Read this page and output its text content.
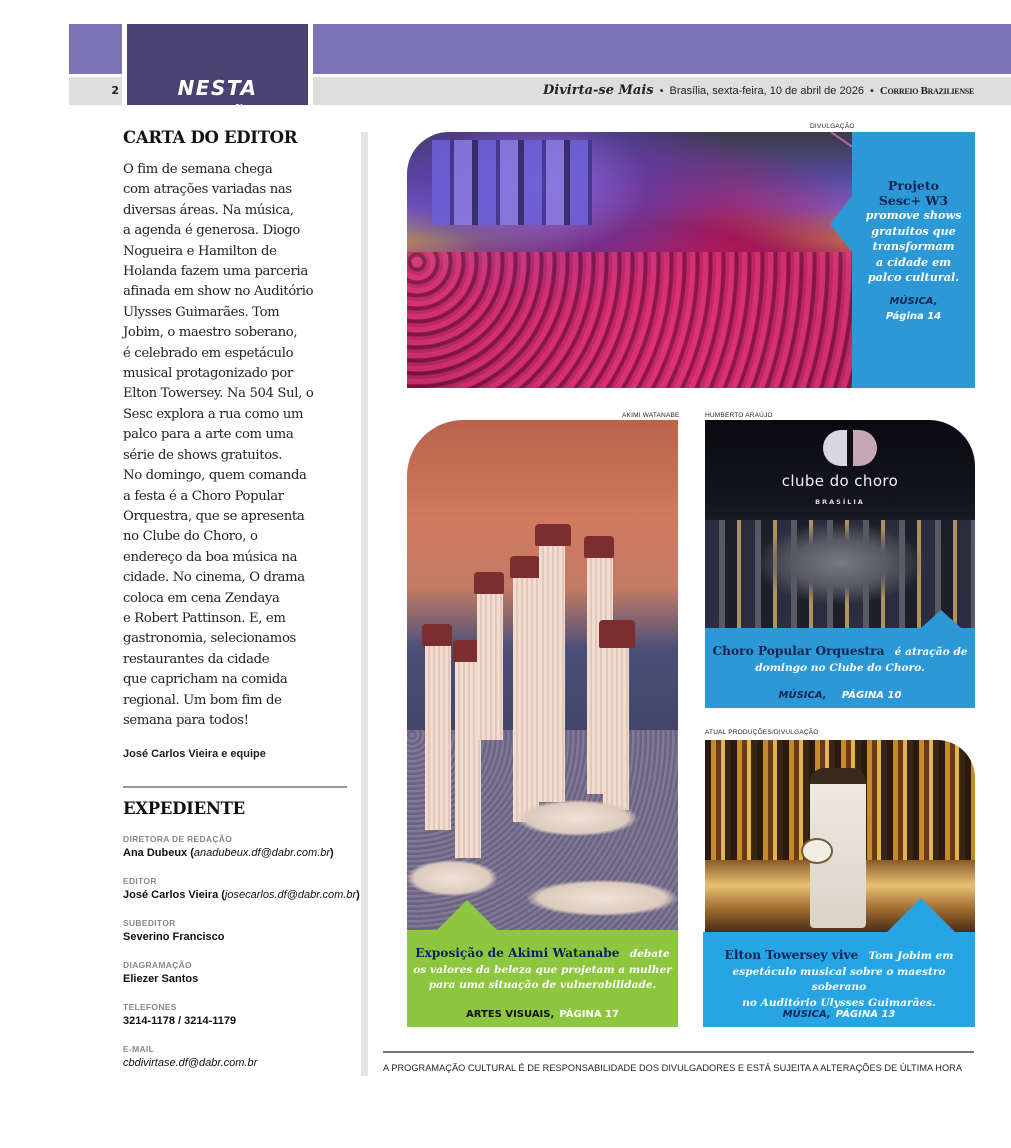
2	NESTA EDIÇÃO
Divirta-se Mais • Brasília, sexta-feira, 10 de abril de 2026 • Correio Braziliense
CARTA DO EDITOR

O fim de semana chega
com atrações variadas nas
diversas áreas. Na música,
a agenda é generosa. Diogo
Nogueira e Hamilton de
Holanda fazem uma parceria
afinada em show no Auditório
Ulysses Guimarães. Tom
Jobim, o maestro soberano,
é celebrado em espetáculo
musical protagonizado por
Elton Towersey. Na 504 Sul, o
Sesc explora a rua como um
palco para a arte com uma
série de shows gratuitos.
No domingo, quem comanda
a festa é a Choro Popular
Orquestra, que se apresenta
no Clube do Choro, o
endereço da boa música na
cidade. No cinema, O drama
coloca em cena Zendaya
e Robert Pattinson. E, em
gastronomia, selecionamos
restaurantes da cidade
que capricham na comida
regional. Um bom fim de
semana para todos!

José Carlos Vieira e equipe
EXPEDIENTE
DIRETORA DE REDAÇÃO
Ana Dubeux (anadubeux.df@dabr.com.br)
EDITOR
José Carlos Vieira (josecarlos.df@dabr.com.br)
SUBEDITOR
Severino Francisco
DIAGRAMAÇÃO
Eliezer Santos
TELEFONES
3214-1178 / 3214-1179
E-MAIL
cbdivirtase.df@dabr.com.br
DIVULGAÇÃO
Projeto
Sesc+ W3
promove shows
gratuitos que
transformam
a cidade em
palco cultural.
MÚSICA,
Página 14
AKIMI WATANABE
Exposição de Akimi Watanabe debate
os valores da beleza que projetam a mulher
para uma situação de vulnerabilidade.
ARTES VISUAIS, PÁGINA 17
HUMBERTO ARAÚJO
clube do choro
BRASÍLIA
Choro Popular Orquestra é atração de
domingo no Clube do Choro.
MÚSICA, PÁGINA 10
ATUAL PRODUÇÕES/DIVULGAÇÃO
Elton Towersey vive Tom Jobim em
espetáculo musical sobre o maestro soberano
no Auditório Ulysses Guimarães.
MÚSICA, PÁGINA 13
A PROGRAMAÇÃO CULTURAL É DE RESPONSABILIDADE DOS DIVULGADORES E ESTÁ SUJEITA A ALTERAÇÕES DE ÚLTIMA HORA
